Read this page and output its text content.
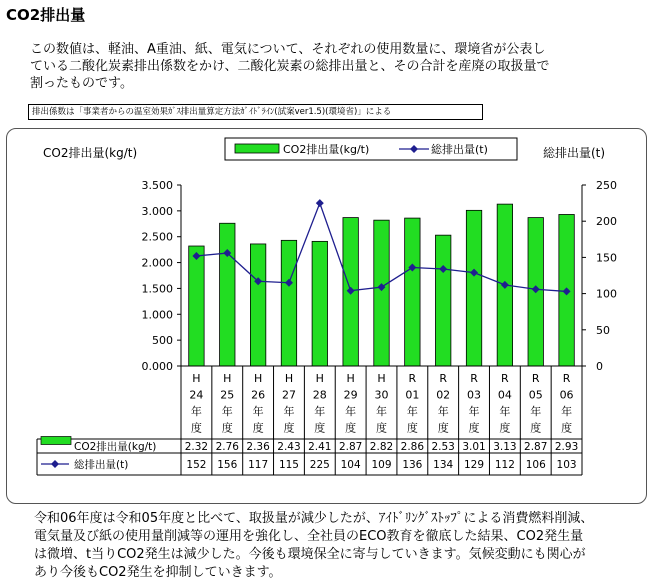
CO2排出量
この数値は、軽油、A重油、紙、電気について、それぞれの使用数量に、環境省が公表している二酸化炭素排出係数をかけ、二酸化炭素の総排出量と、その合計を産廃の取扱量で割ったものです。
排出係数は「事業者からの温室効果ｶﾞｽ排出量算定方法ｶﾞｲﾄﾞﾗｲﾝ(試案ver1.5)(環境省)」による
CO2排出量(kg/t)	総排出量(t)
CO2排出量(kg/t)	総排出量(t)
0.000
500
1.000
1.500
2.000
2.500
3.000
3.500
0
50
100
150
200
250
H
24
年
度
H
25
年
度
H
26
年
度
H
27
年
度
H
28
年
度
H
29
年
度
H
30
年
度
R
01
年
度
R
02
年
度
R
03
年
度
R
04
年
度
R
05
年
度
R
06
年
度
CO2排出量(kg/t)
総排出量(t)
2.32 2.76 2.36 2.43 2.41 2.87 2.82 2.86 2.53 3.01 3.13 2.87 2.93
152 156 117 115 225 104 109 136 134 129 112 106 103
令和06年度は令和05年度と比べて、取扱量が減少したが、ｱｲﾄﾞﾘﾝｸﾞｽﾄｯﾌﾟによる消費燃料削減、電気量及び紙の使用量削減等の運用を強化し、全社員のECO教育を徹底した結果、CO2発生量は微増、t当りCO2発生は減少した。今後も環境保全に寄与していきます。気候変動にも関心があり今後もCO2発生を抑制していきます。
